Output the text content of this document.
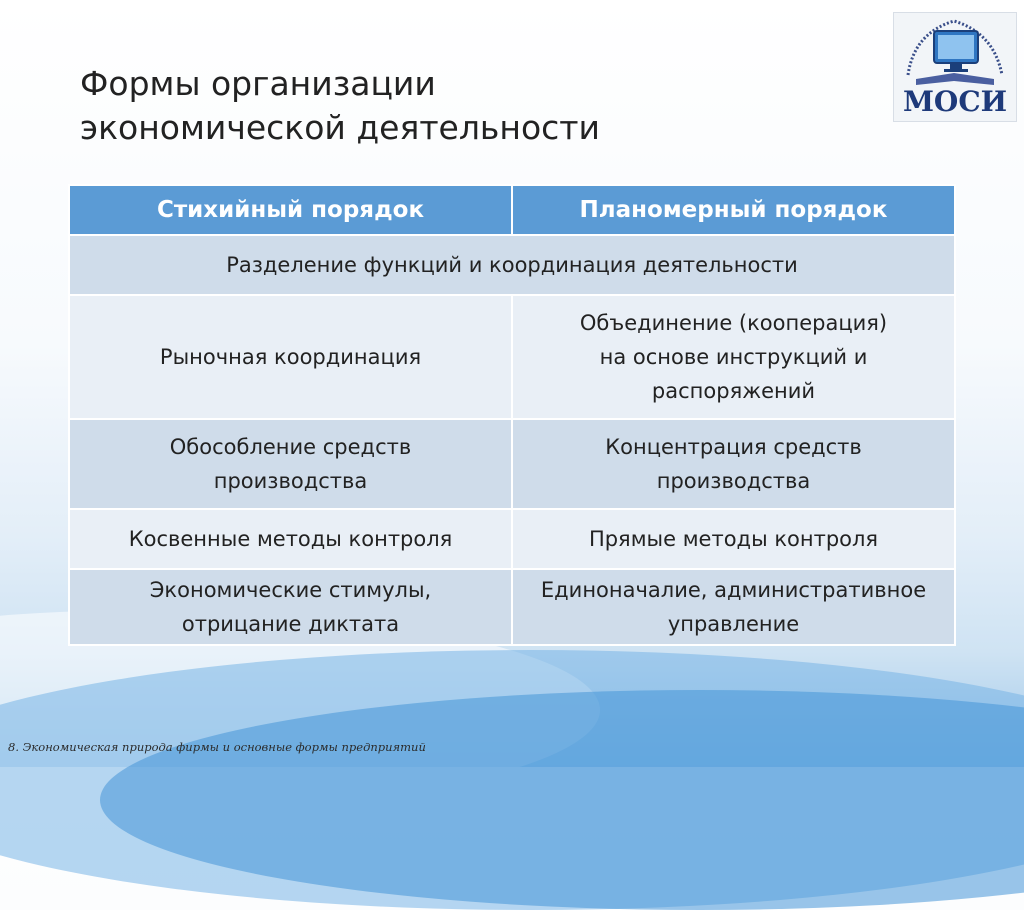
Формы организации
экономической деятельности
МОСИ
Стихийный порядок	Планомерный порядок
Разделение функций и координация деятельности	
Рыночная координация	Объединение (кооперация) на основе инструкций и распоряжений
Обособление средств производства	Концентрация средств производства
Косвенные методы контроля	Прямые методы контроля
Экономические стимулы, отрицание диктата	Единоначалие, административное управление
8. Экономическая природа фирмы и основные формы предприятий
